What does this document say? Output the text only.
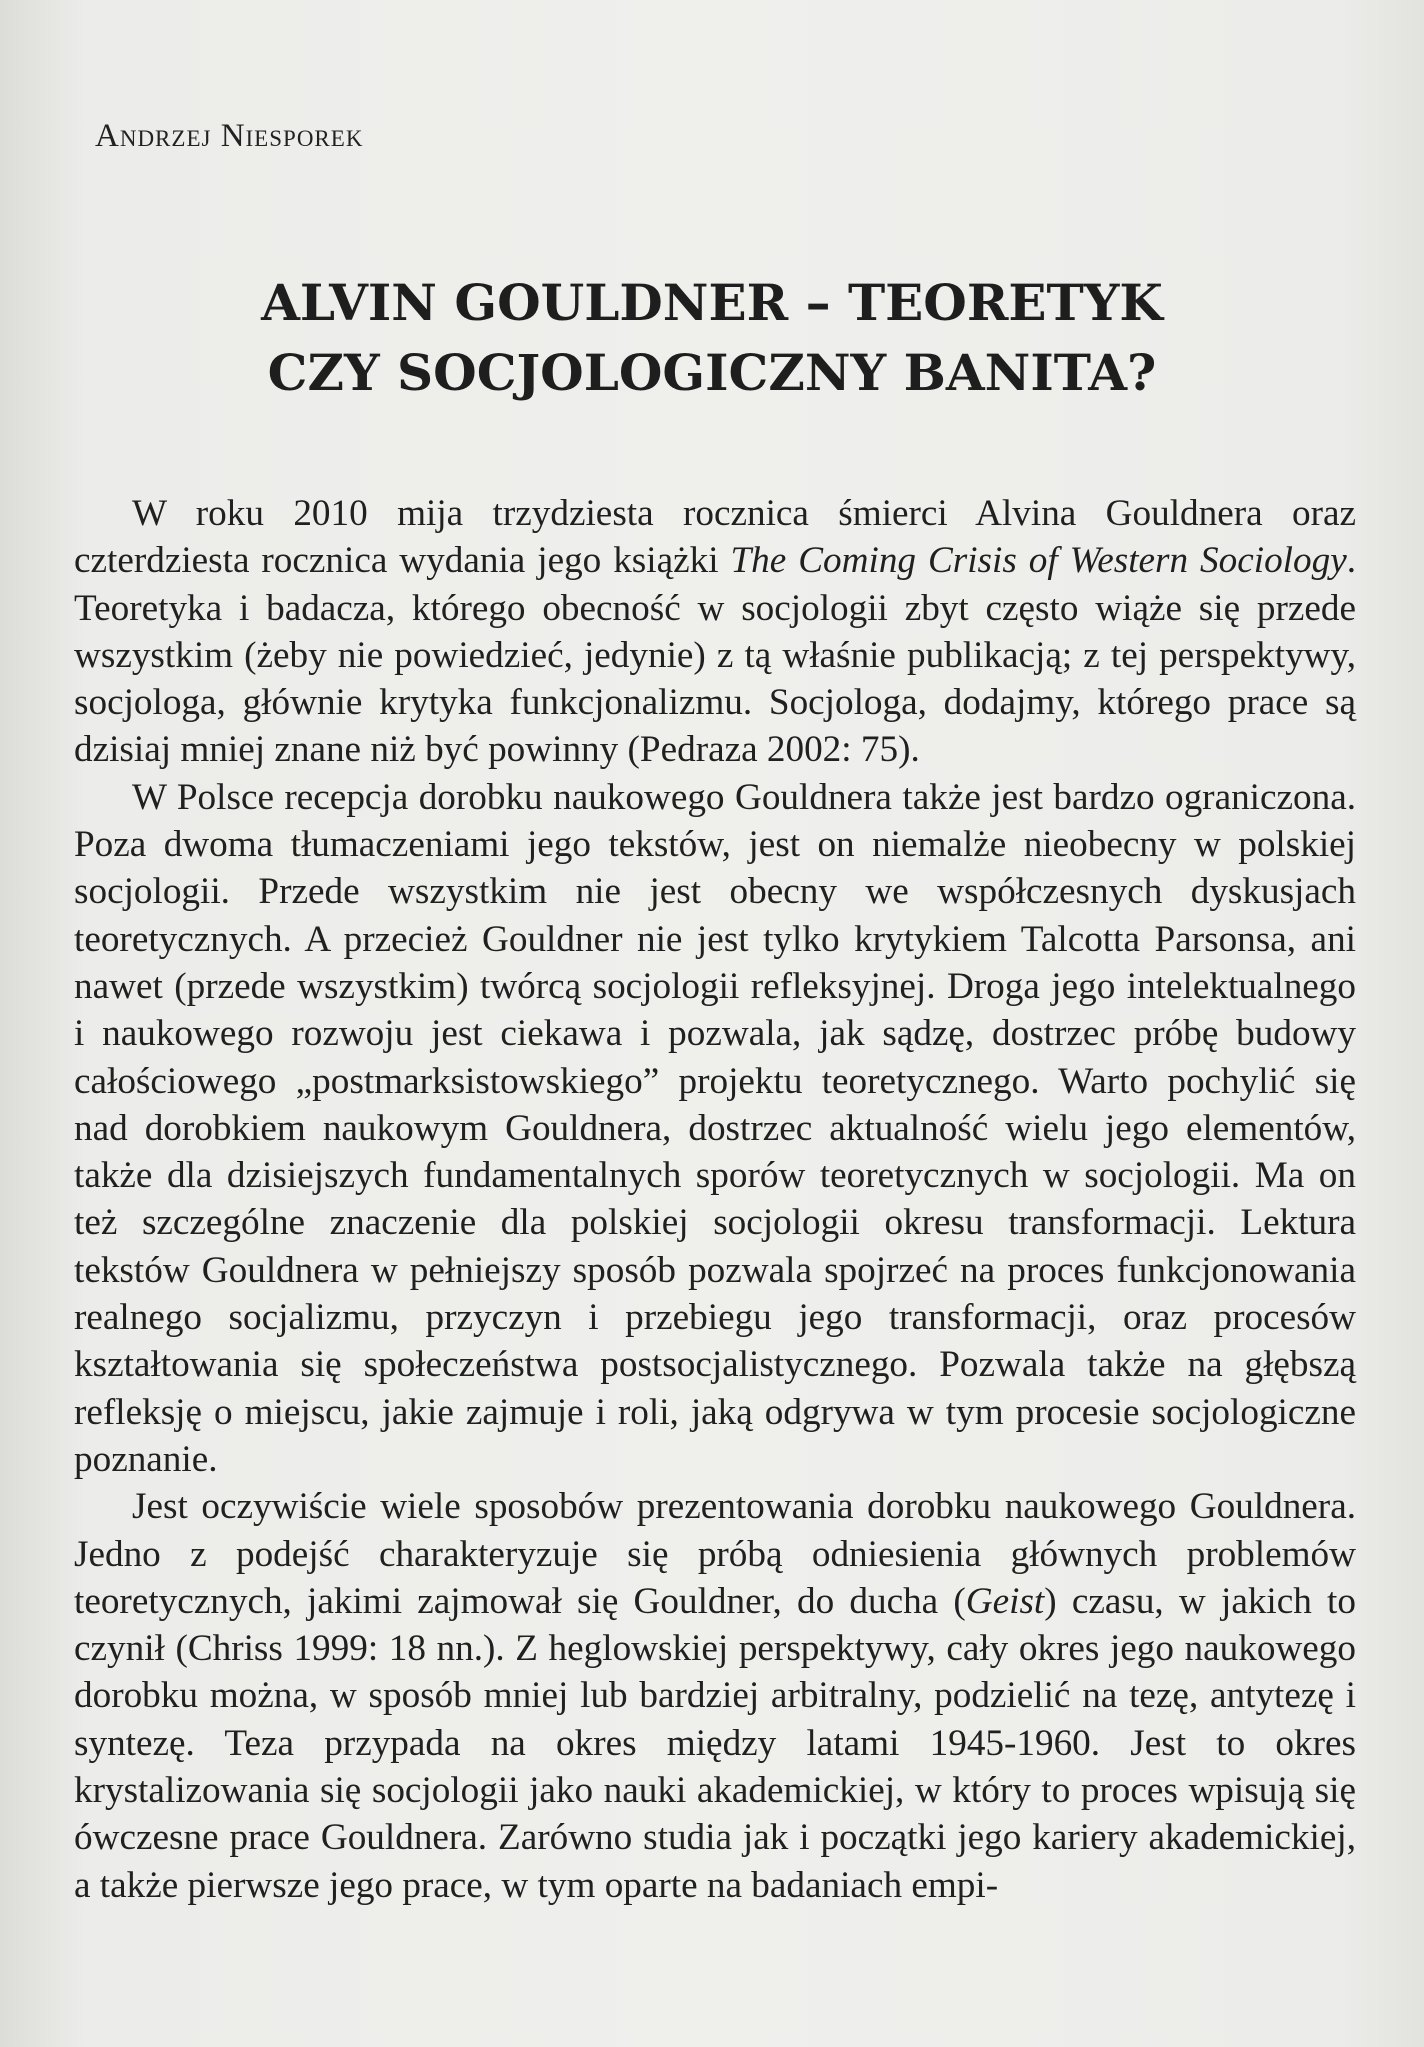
Andrzej Niesporek
ALVIN GOULDNER – TEORETYK
CZY SOCJOLOGICZNY BANITA?

W roku 2010 mija trzydziesta rocznica śmierci Alvina Gouldnera oraz czterdziesta rocznica wydania jego książki The Coming Crisis of Western Sociology. Teoretyka i badacza, którego obecność w socjologii zbyt często wiąże się przede wszystkim (żeby nie powiedzieć, jedynie) z tą właśnie publikacją; z tej perspektywy, socjologa, głównie krytyka funkcjonalizmu. Socjologa, dodajmy, którego prace są dzisiaj mniej znane niż być powinny (Pedraza 2002: 75).

W Polsce recepcja dorobku naukowego Gouldnera także jest bardzo ograniczona. Poza dwoma tłumaczeniami jego tekstów, jest on niemalże nieobecny w polskiej socjologii. Przede wszystkim nie jest obecny we współczesnych dyskusjach teoretycznych. A przecież Gouldner nie jest tylko krytykiem Talcotta Parsonsa, ani nawet (przede wszystkim) twórcą socjologii refleksyjnej. Droga jego intelektualnego i naukowego rozwoju jest ciekawa i pozwala, jak sądzę, dostrzec próbę budowy całościowego „postmarksistowskiego” projektu teoretycznego. Warto pochylić się nad dorobkiem naukowym Gouldnera, dostrzec aktualność wielu jego elementów, także dla dzisiejszych fundamentalnych sporów teoretycznych w socjologii. Ma on też szczególne znaczenie dla polskiej socjologii okresu transformacji. Lektura tekstów Gouldnera w pełniejszy sposób pozwala spojrzeć na proces funkcjonowania realnego socjalizmu, przyczyn i przebiegu jego transformacji, oraz procesów kształtowania się społeczeństwa postsocjalistycznego. Pozwala także na głębszą refleksję o miejscu, jakie zajmuje i roli, jaką odgrywa w tym procesie socjologiczne poznanie.

Jest oczywiście wiele sposobów prezentowania dorobku naukowego Gouldnera. Jedno z podejść charakteryzuje się próbą odniesienia głównych problemów teoretycznych, jakimi zajmował się Gouldner, do ducha (Geist) czasu, w jakich to czynił (Chriss 1999: 18 nn.). Z heglowskiej perspektywy, cały okres jego naukowego dorobku można, w sposób mniej lub bardziej arbitralny, podzielić na tezę, antytezę i syntezę. Teza przypada na okres między latami 1945-1960. Jest to okres krystalizowania się socjologii jako nauki akademickiej, w który to proces wpisują się ówczesne prace Gouldnera. Zarówno studia jak i początki jego kariery akademickiej, a także pierwsze jego prace, w tym oparte na badaniach empi-
